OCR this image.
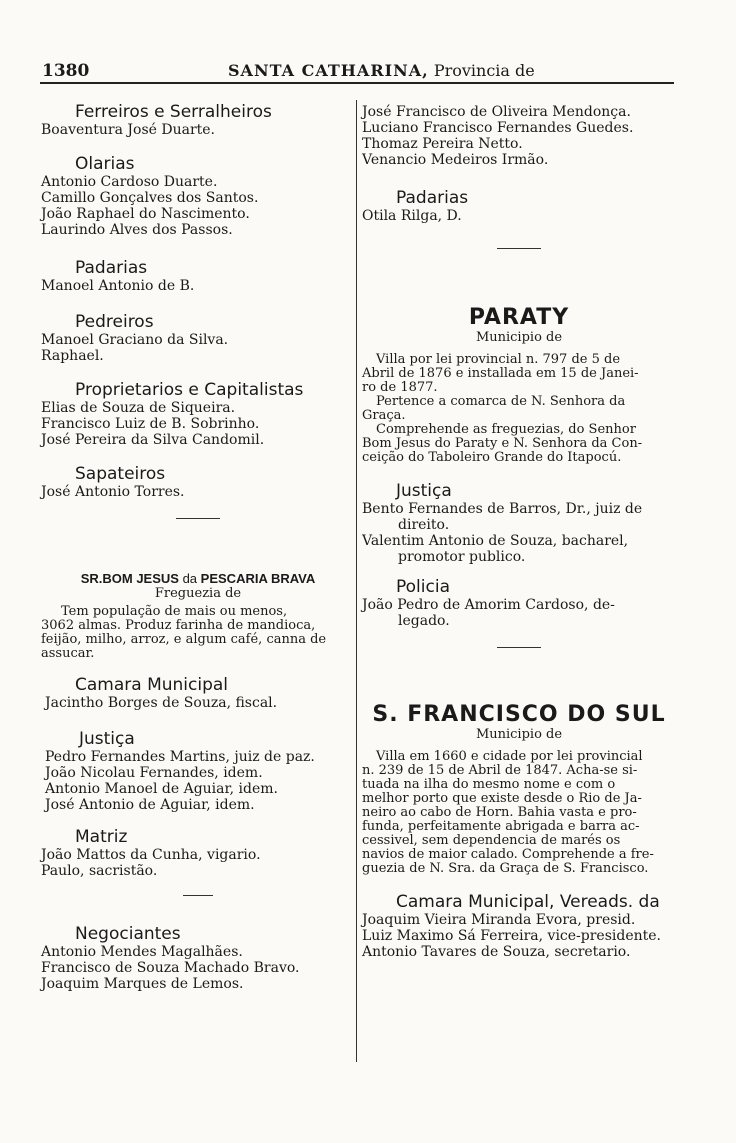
1380	SANTA CATHARINA, Provincia de
Ferreiros e Serralheiros
Boaventura José Duarte.
Olarias
Antonio Cardoso Duarte.
Camillo Gonçalves dos Santos.
João Raphael do Nascimento.
Laurindo Alves dos Passos.
Padarias
Manoel Antonio de B.
Pedreiros
Manoel Graciano da Silva.
Raphael.
Proprietarios e Capitalistas
Elias de Souza de Siqueira.
Francisco Luiz de B. Sobrinho.
José Pereira da Silva Candomil.
Sapateiros
José Antonio Torres.
SR.BOM JESUS da PESCARIA BRAVA
Freguezia de
Tem população de mais ou menos,
3062 almas. Produz farinha de mandioca,
feijão, milho, arroz, e algum café, canna de
assucar.
Camara Municipal
Jacintho Borges de Souza, fiscal.
Justiça
Pedro Fernandes Martins, juiz de paz.
João Nicolau Fernandes, idem.
Antonio Manoel de Aguiar, idem.
José Antonio de Aguiar, idem.
Matriz
João Mattos da Cunha, vigario.
Paulo, sacristão.
Negociantes
Antonio Mendes Magalhães.
Francisco de Souza Machado Bravo.
Joaquim Marques de Lemos.
José Francisco de Oliveira Mendonça.
Luciano Francisco Fernandes Guedes.
Thomaz Pereira Netto.
Venancio Medeiros Irmão.
Padarias
Otila Rilga, D.
PARATY
Municipio de
Villa por lei provincial n. 797 de 5 de
Abril de 1876 e installada em 15 de Janei-
ro de 1877.
Pertence a comarca de N. Senhora da
Graça.
Comprehende as freguezias, do Senhor
Bom Jesus do Paraty e N. Senhora da Con-
ceição do Taboleiro Grande do Itapocú.
Justiça
Bento Fernandes de Barros, Dr., juiz de
direito.
Valentim Antonio de Souza, bacharel,
promotor publico.
Policia
João Pedro de Amorim Cardoso, de-
legado.
S. FRANCISCO DO SUL
Municipio de
Villa em 1660 e cidade por lei provincial
n. 239 de 15 de Abril de 1847. Acha-se si-
tuada na ilha do mesmo nome e com o
melhor porto que existe desde o Rio de Ja-
neiro ao cabo de Horn. Bahia vasta e pro-
funda, perfeitamente abrigada e barra ac-
cessivel, sem dependencia de marés os
navios de maior calado. Comprehende a fre-
guezia de N. Sra. da Graça de S. Francisco.
Camara Municipal, Vereads. da
Joaquim Vieira Miranda Evora, presid.
Luiz Maximo Sá Ferreira, vice-presidente.
Antonio Tavares de Souza, secretario.
